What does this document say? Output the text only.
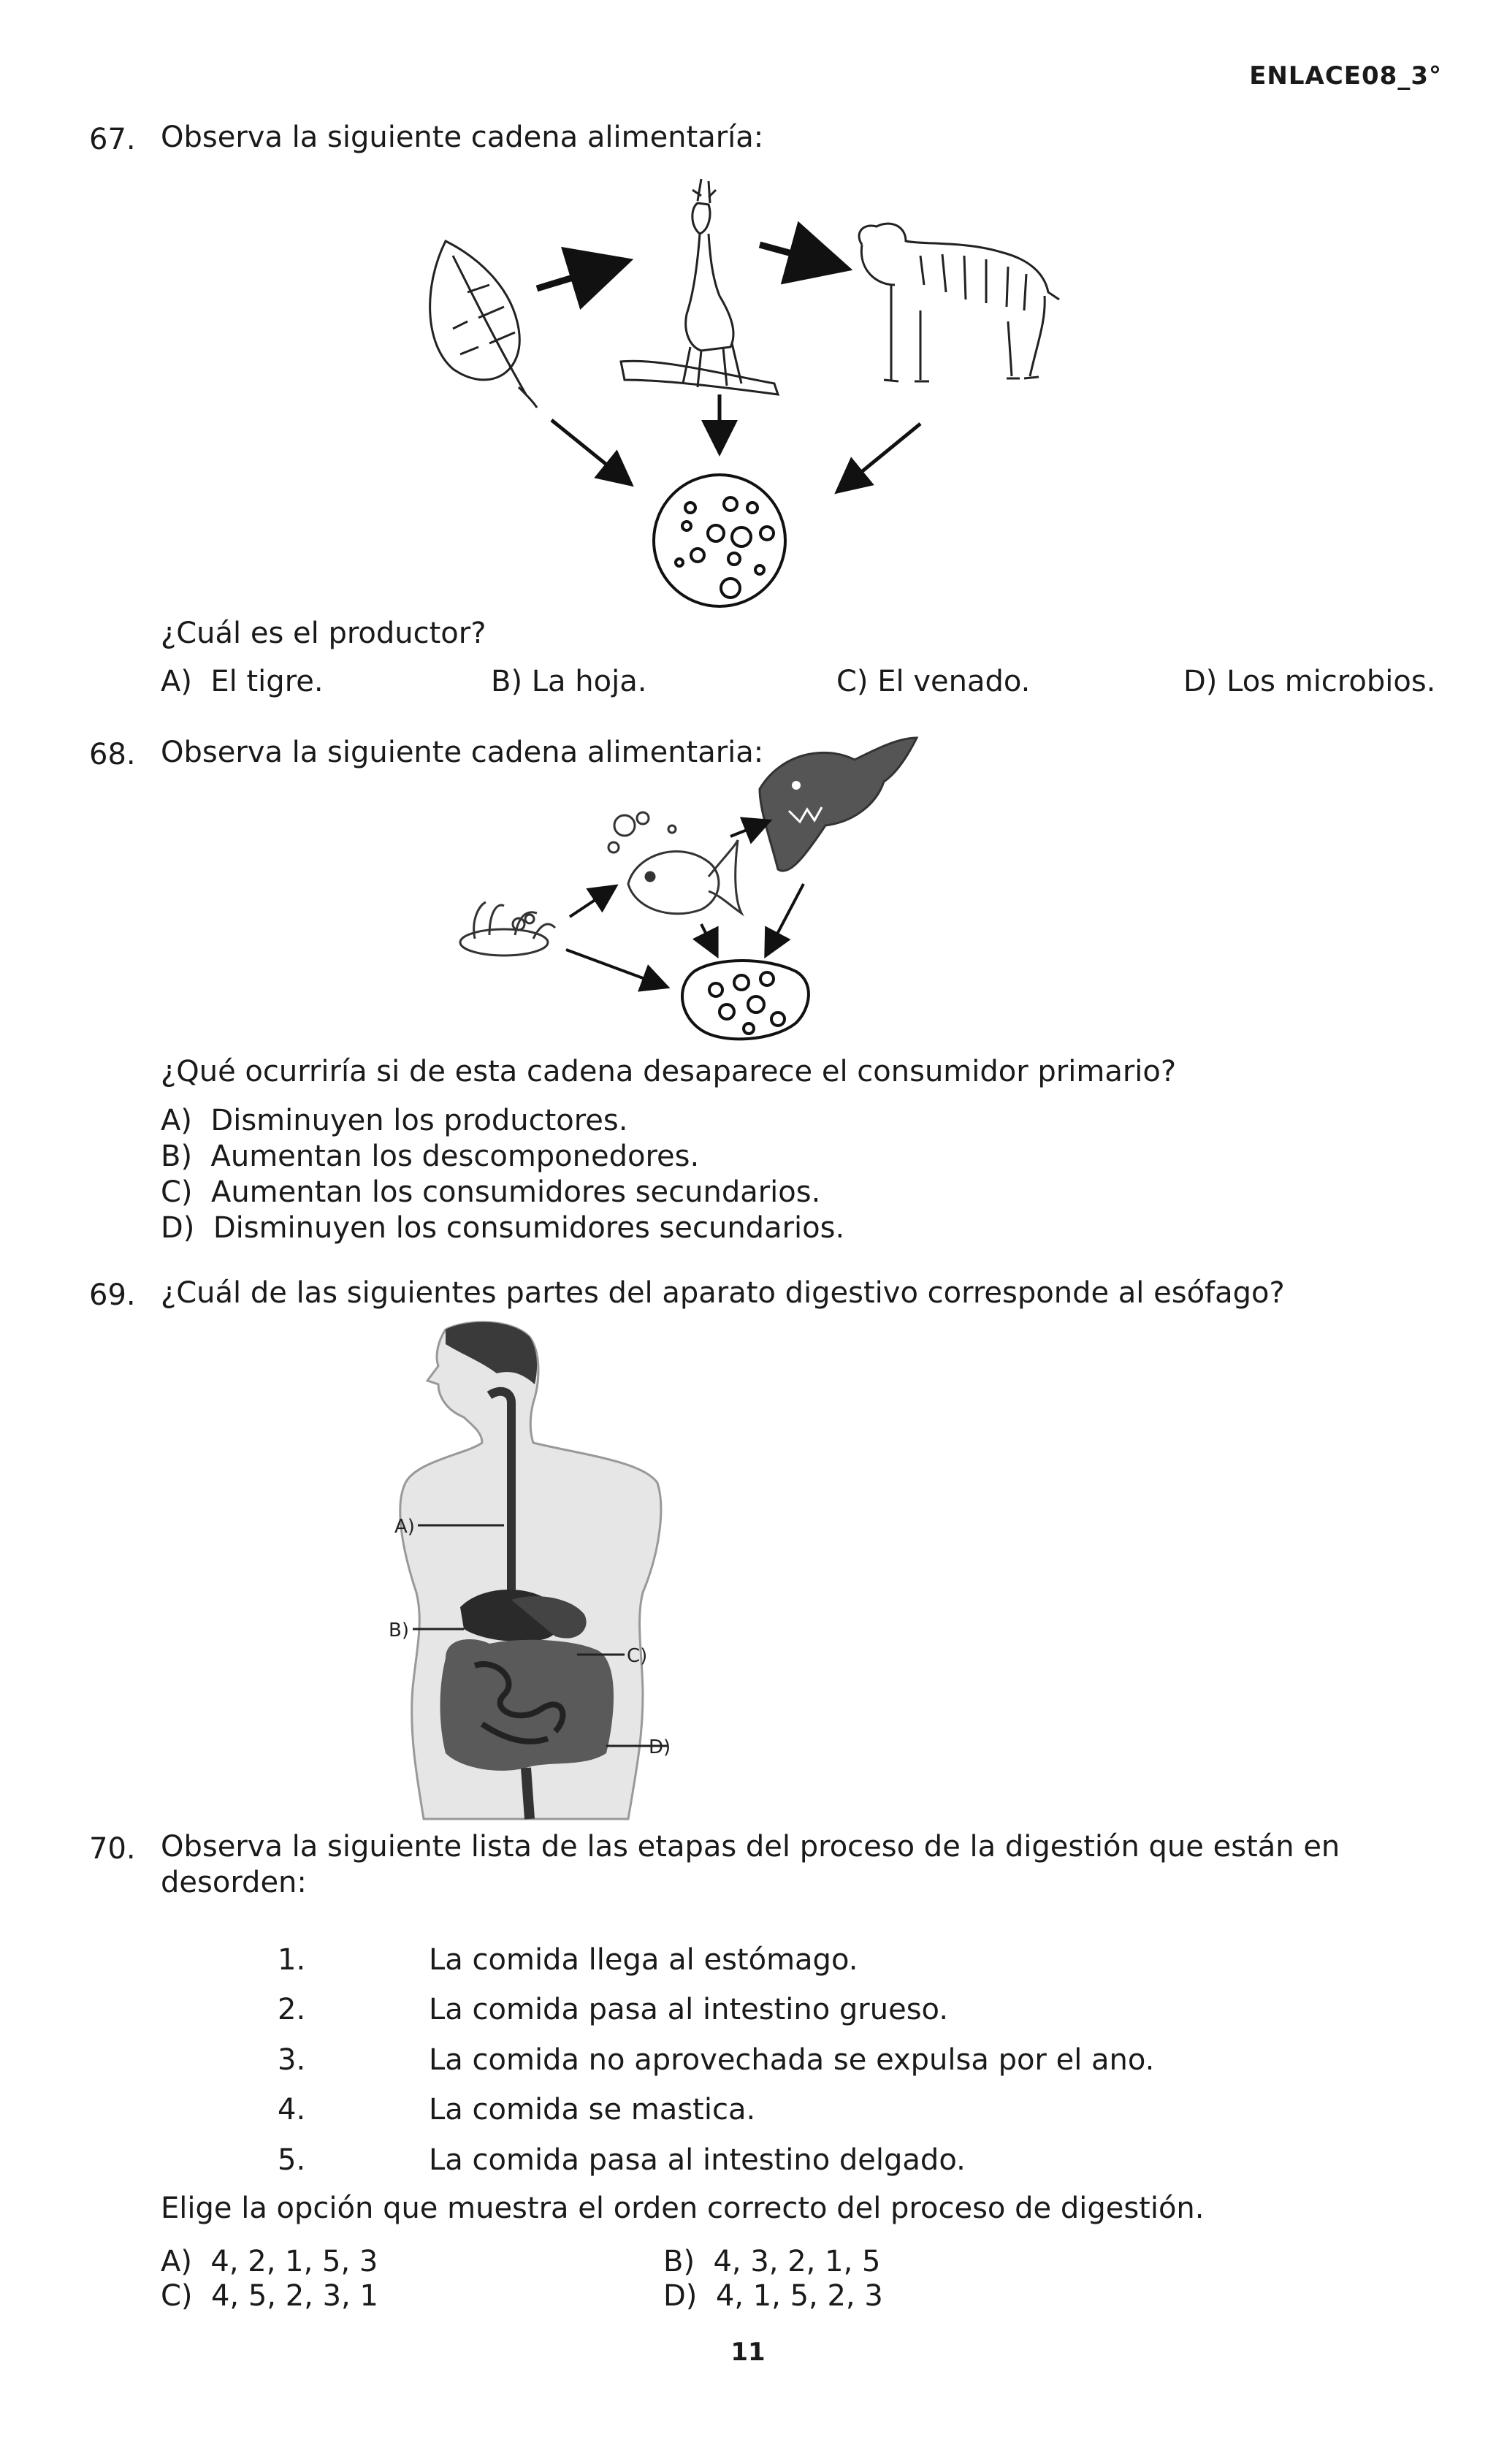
ENLACE08_3°
67. Observa la siguiente cadena alimentaría:
¿Cuál es el productor?
A)  El tigre.	B) La hoja.	C) El venado.	D) Los microbios.
68. Observa la siguiente cadena alimentaria:
¿Qué ocurriría si de esta cadena desaparece el consumidor primario?
A)  Disminuyen los productores.
B)  Aumentan los descomponedores.
C)  Aumentan los consumidores secundarios.
D)  Disminuyen los consumidores secundarios.
69. ¿Cuál de las siguientes partes del aparato digestivo corresponde al esófago?
A)
B)
C)
D)
70. Observa la siguiente lista de las etapas del proceso de la digestión que están en
desorden:
1.	La comida llega al estómago.
2.	La comida pasa al intestino grueso.
3.	La comida no aprovechada se expulsa por el ano.
4.	La comida se mastica.
5.	La comida pasa al intestino delgado.
Elige la opción que muestra el orden correcto del proceso de digestión.
A)  4, 2, 1, 5, 3	B)  4, 3, 2, 1, 5
C)  4, 5, 2, 3, 1	D)  4, 1, 5, 2, 3
11
